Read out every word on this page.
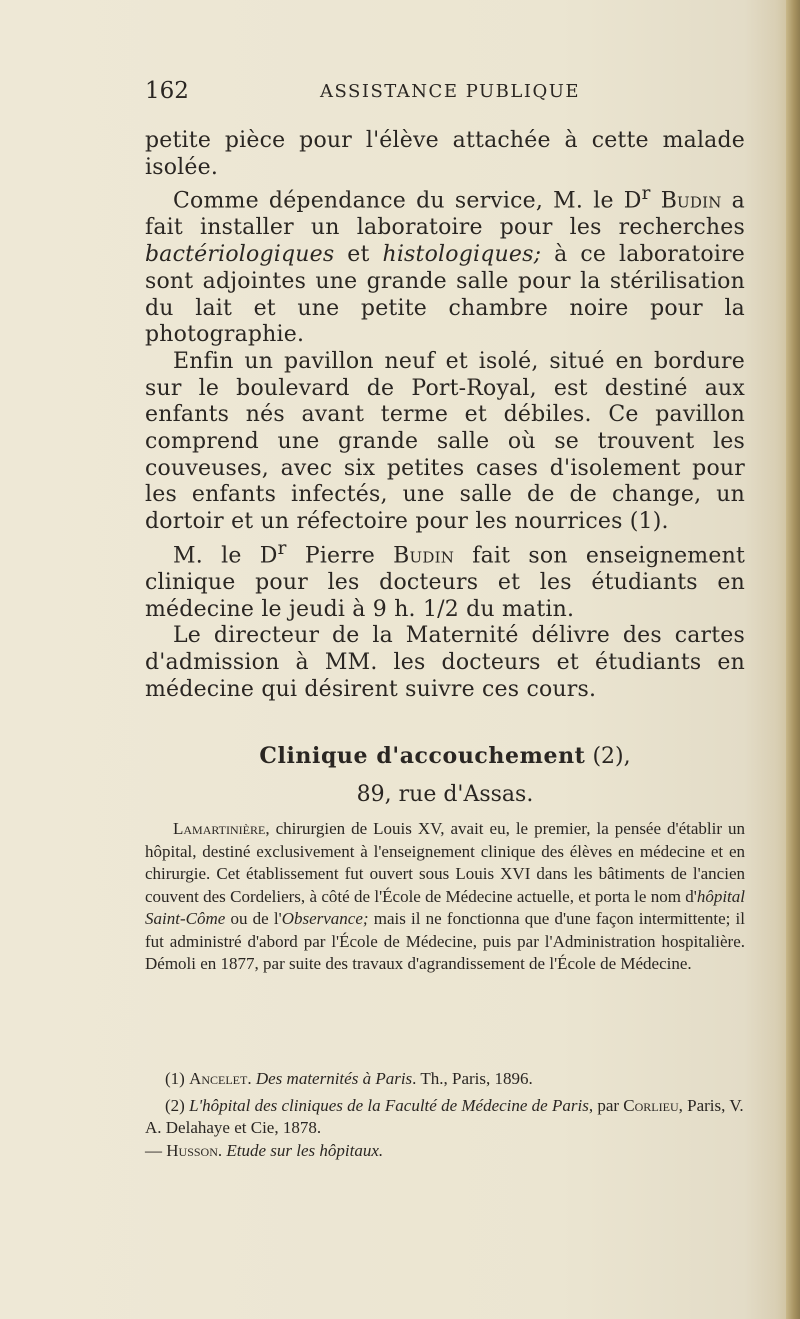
162	ASSISTANCE PUBLIQUE

petite pièce pour l'élève attachée à cette malade isolée.

Comme dépendance du service, M. le $D^r$ Budin a fait installer un laboratoire pour les recherches bactériologiques et histologiques; à ce laboratoire sont adjointes une grande salle pour la stérilisation du lait et une petite chambre noire pour la photographie.

Enfin un pavillon neuf et isolé, situé en bordure sur le boulevard de Port-Royal, est destiné aux enfants nés avant terme et débiles. Ce pavillon comprend une grande salle où se trouvent les couveuses, avec six petites cases d'isolement pour les enfants infectés, une salle de de change, un dortoir et un réfectoire pour les nourrices (1).

M. le $D^r$ Pierre Budin fait son enseignement clinique pour les docteurs et les étudiants en médecine le jeudi à 9 h. 1/2 du matin.

Le directeur de la Maternité délivre des cartes d'admission à MM. les docteurs et étudiants en médecine qui désirent suivre ces cours.

Clinique d'accouchement (2),
89, rue d'Assas.

Lamartinière, chirurgien de Louis XV, avait eu, le premier, la pensée d'établir un hôpital, destiné exclusivement à l'enseignement clinique des élèves en médecine et en chirurgie. Cet établissement fut ouvert sous Louis XVI dans les bâtiments de l'ancien couvent des Cordeliers, à côté de l'École de Médecine actuelle, et porta le nom d'hôpital Saint-Côme ou de l'Observance; mais il ne fonctionna que d'une façon intermittente; il fut administré d'abord par l'École de Médecine, puis par l'Administration hospitalière. Démoli en 1877, par suite des travaux d'agrandissement de l'École de Médecine.

(1) Ancelet. Des maternités à Paris. Th., Paris, 1896.

(2) L'hôpital des cliniques de la Faculté de Médecine de Paris, par Corlieu, Paris, V. A. Delahaye et Cie, 1878.
— Husson. Etude sur les hôpitaux.
